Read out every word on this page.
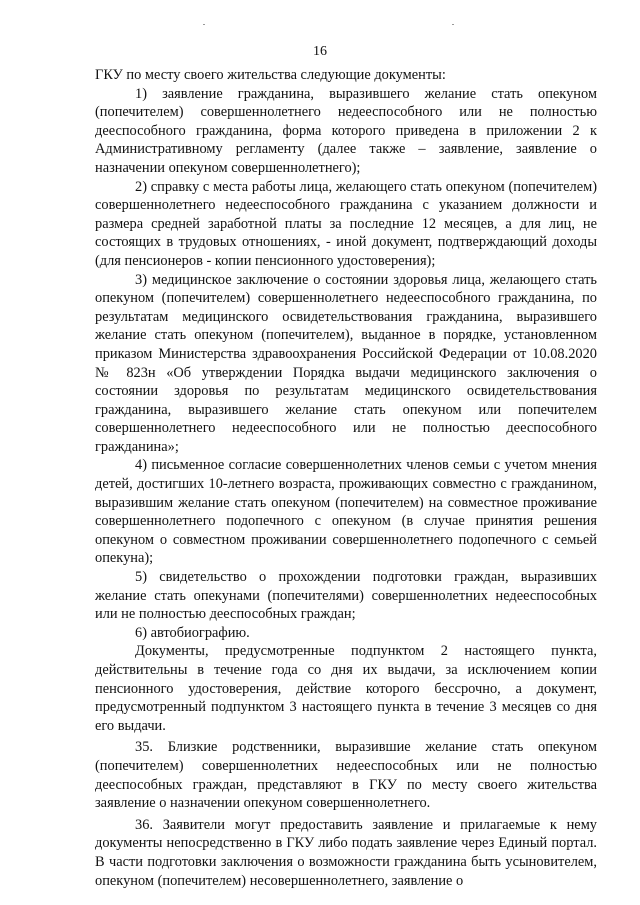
16

ГКУ по месту своего жительства следующие документы:

1) заявление гражданина, выразившего желание стать опекуном (попечителем) совершеннолетнего недееспособного или не полностью дееспособного гражданина, форма которого приведена в приложении 2 к Административному регламенту (далее также – заявление, заявление о назначении опекуном совершеннолетнего);

2) справку с места работы лица, желающего стать опекуном (попечителем) совершеннолетнего недееспособного гражданина с указанием должности и размера средней заработной платы за последние 12 месяцев, а для лиц, не состоящих в трудовых отношениях, - иной документ, подтверждающий доходы (для пенсионеров - копии пенсионного удостоверения);

3) медицинское заключение о состоянии здоровья лица, желающего стать опекуном (попечителем) совершеннолетнего недееспособного гражданина, по результатам медицинского освидетельствования гражданина, выразившего желание стать опекуном (попечителем), выданное в порядке, установленном приказом Министерства здравоохранения Российской Федерации от 10.08.2020 № 823н «Об утверждении Порядка выдачи медицинского заключения о состоянии здоровья по результатам медицинского освидетельствования гражданина, выразившего желание стать опекуном или попечителем совершеннолетнего недееспособного или не полностью дееспособного гражданина»;

4) письменное согласие совершеннолетних членов семьи с учетом мнения детей, достигших 10-летнего возраста, проживающих совместно с гражданином, выразившим желание стать опекуном (попечителем) на совместное проживание совершеннолетнего подопечного с опекуном (в случае принятия решения опекуном о совместном проживании совершеннолетнего подопечного с семьей опекуна);

5) свидетельство о прохождении подготовки граждан, выразивших желание стать опекунами (попечителями) совершеннолетних недееспособных или не полностью дееспособных граждан;

6) автобиографию.

Документы, предусмотренные подпунктом 2 настоящего пункта, действительны в течение года со дня их выдачи, за исключением копии пенсионного удостоверения, действие которого бессрочно, а документ, предусмотренный подпунктом 3 настоящего пункта в течение 3 месяцев со дня его выдачи.

35. Близкие родственники, выразившие желание стать опекуном (попечителем) совершеннолетних недееспособных или не полностью дееспособных граждан, представляют в ГКУ по месту своего жительства заявление о назначении опекуном совершеннолетнего.

36. Заявители могут предоставить заявление и прилагаемые к нему документы непосредственно в ГКУ либо подать заявление через Единый портал. В части подготовки заключения о возможности гражданина быть усыновителем, опекуном (попечителем) несовершеннолетнего, заявление о
